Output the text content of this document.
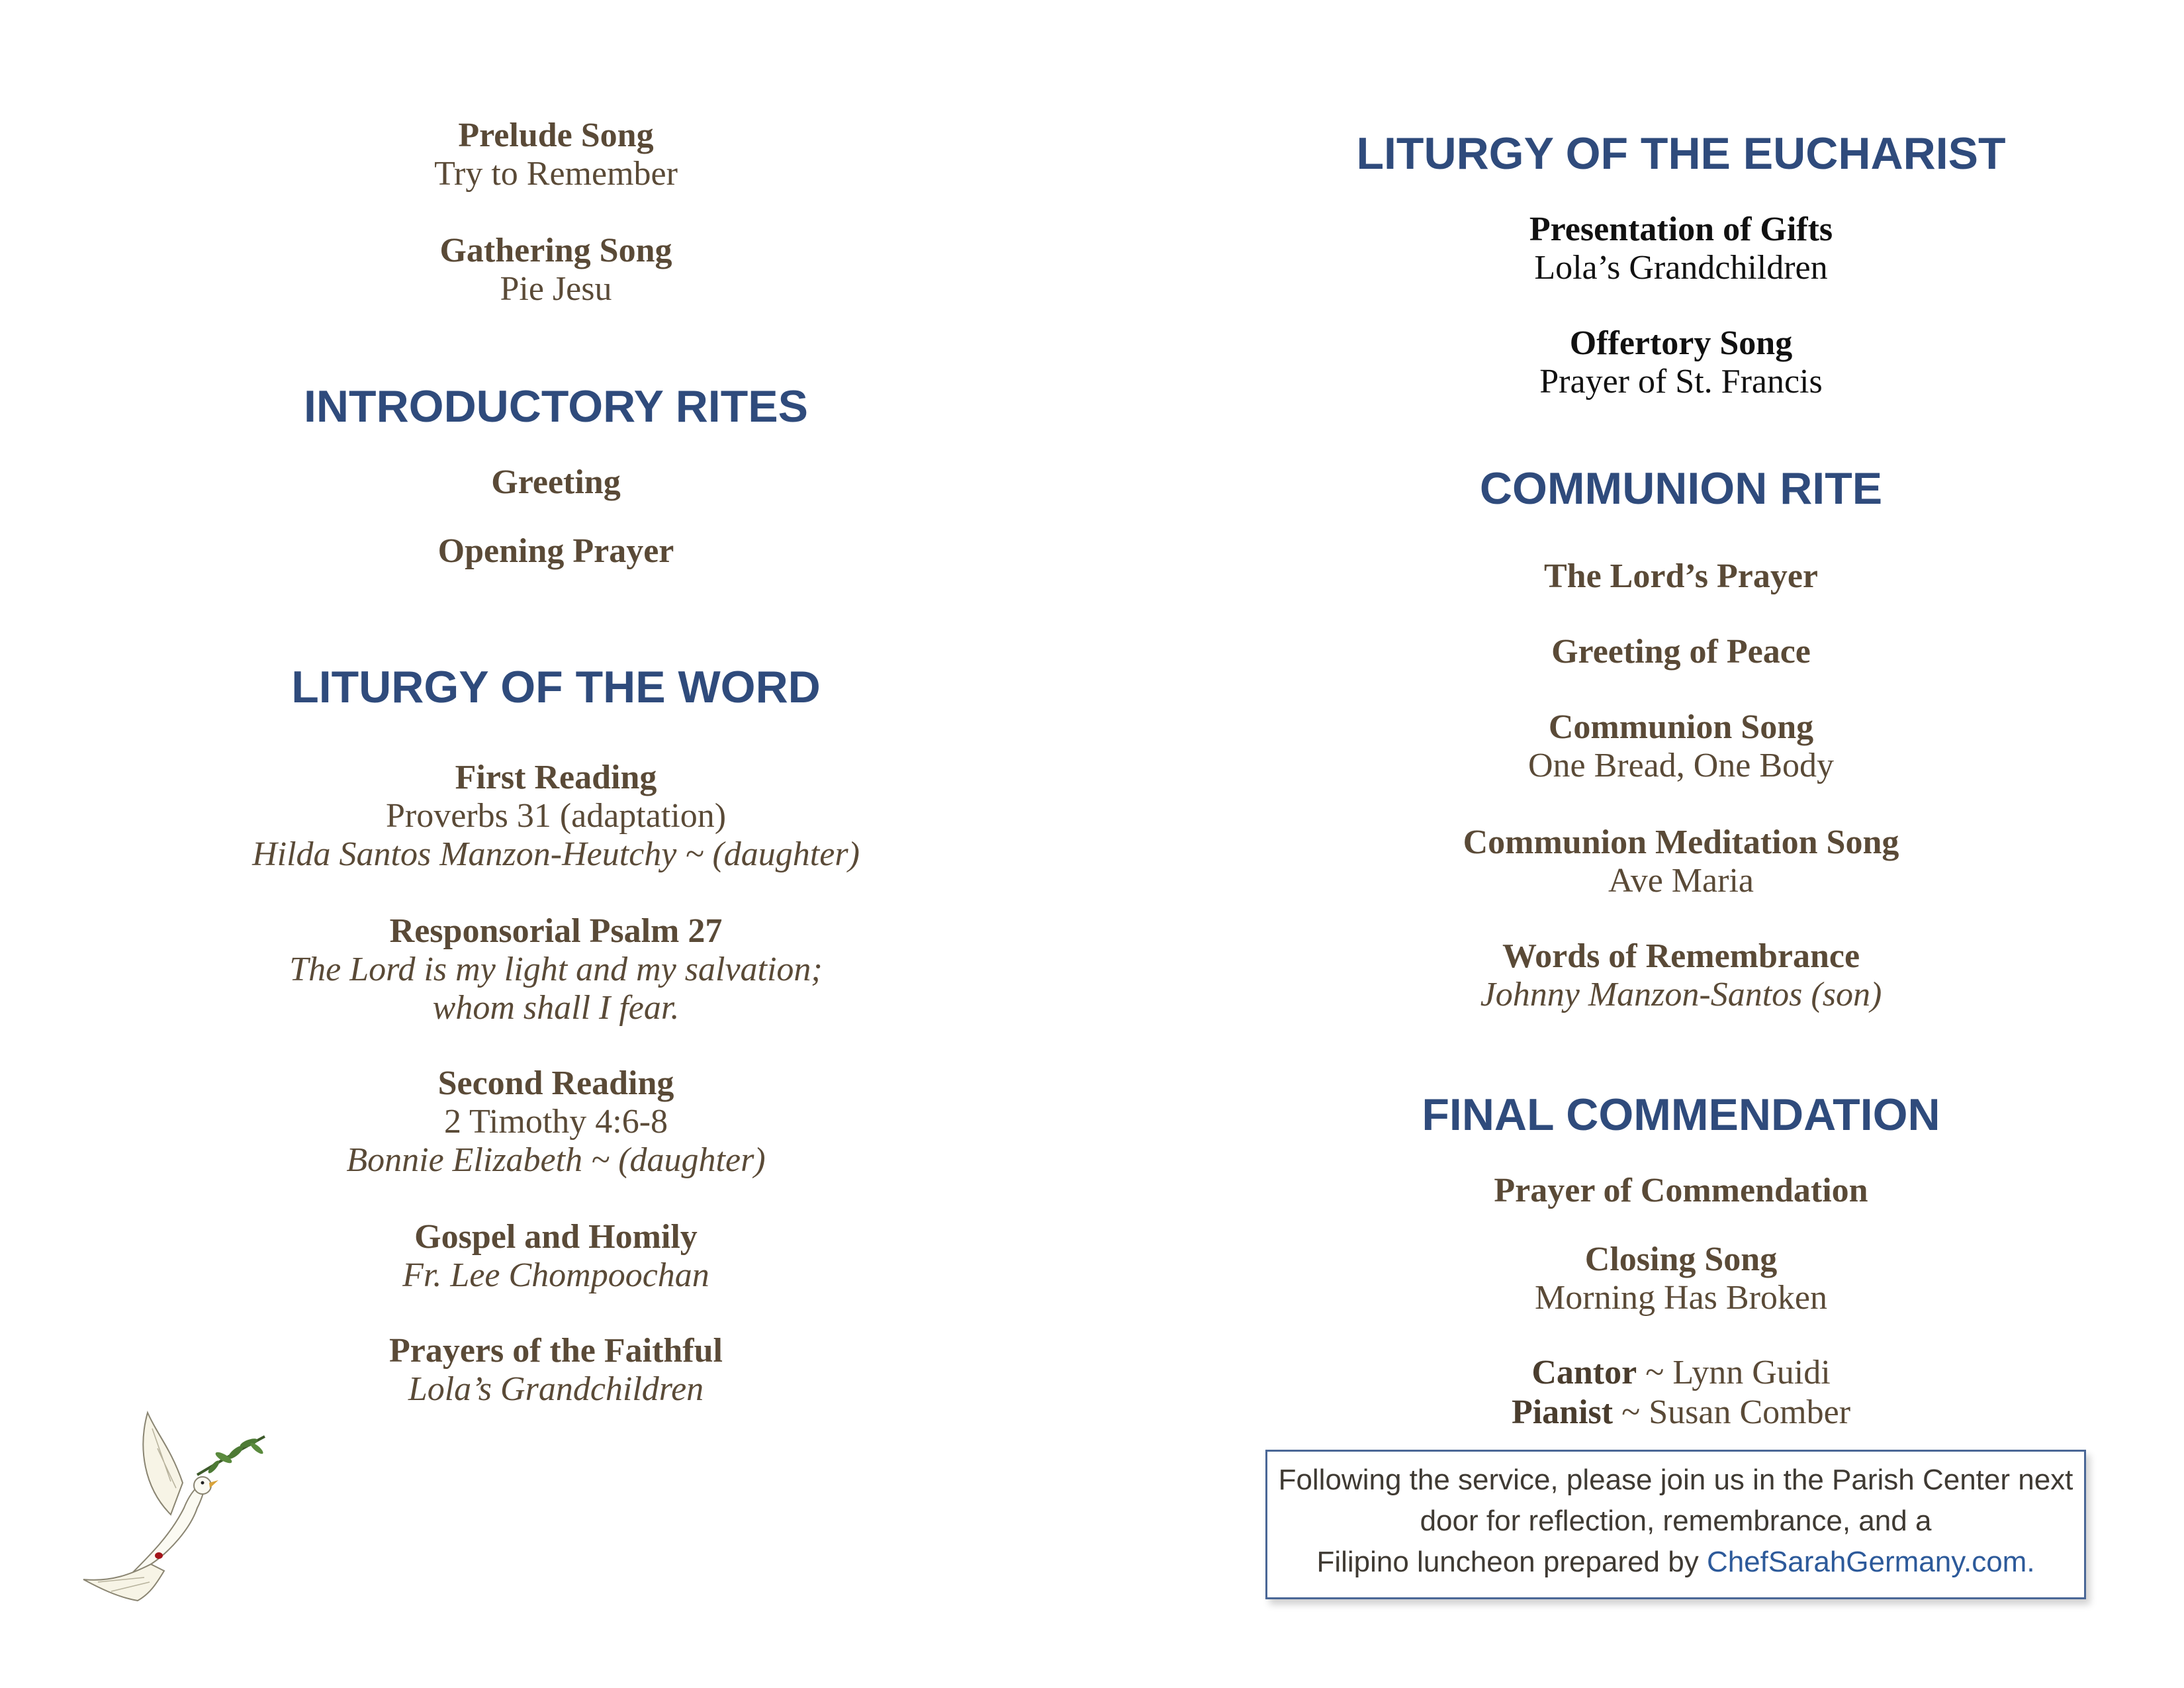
Prelude Song
Try to Remember
Gathering Song
Pie Jesu
INTRODUCTORY RITES
Greeting
Opening Prayer
LITURGY OF THE WORD
First Reading
Proverbs 31 (adaptation)
Hilda Santos Manzon-Heutchy ~ (daughter)
Responsorial Psalm 27
The Lord is my light and my salvation;
whom shall I fear.
Second Reading
2 Timothy 4:6-8
Bonnie Elizabeth ~ (daughter)
Gospel and Homily
Fr. Lee Chompoochan
Prayers of the Faithful
Lola’s Grandchildren
LITURGY OF THE EUCHARIST
Presentation of Gifts
Lola’s Grandchildren
Offertory Song
Prayer of St. Francis
COMMUNION RITE
The Lord’s Prayer
Greeting of Peace
Communion Song
One Bread, One Body
Communion Meditation Song
Ave Maria
Words of Remembrance
Johnny Manzon-Santos (son)
FINAL COMMENDATION
Prayer of Commendation
Closing Song
Morning Has Broken
Cantor ~ Lynn Guidi
Pianist ~ Susan Comber
Following the service, please join us in the Parish Center next
door for reflection, remembrance, and a
Filipino luncheon prepared by ChefSarahGermany.com.
